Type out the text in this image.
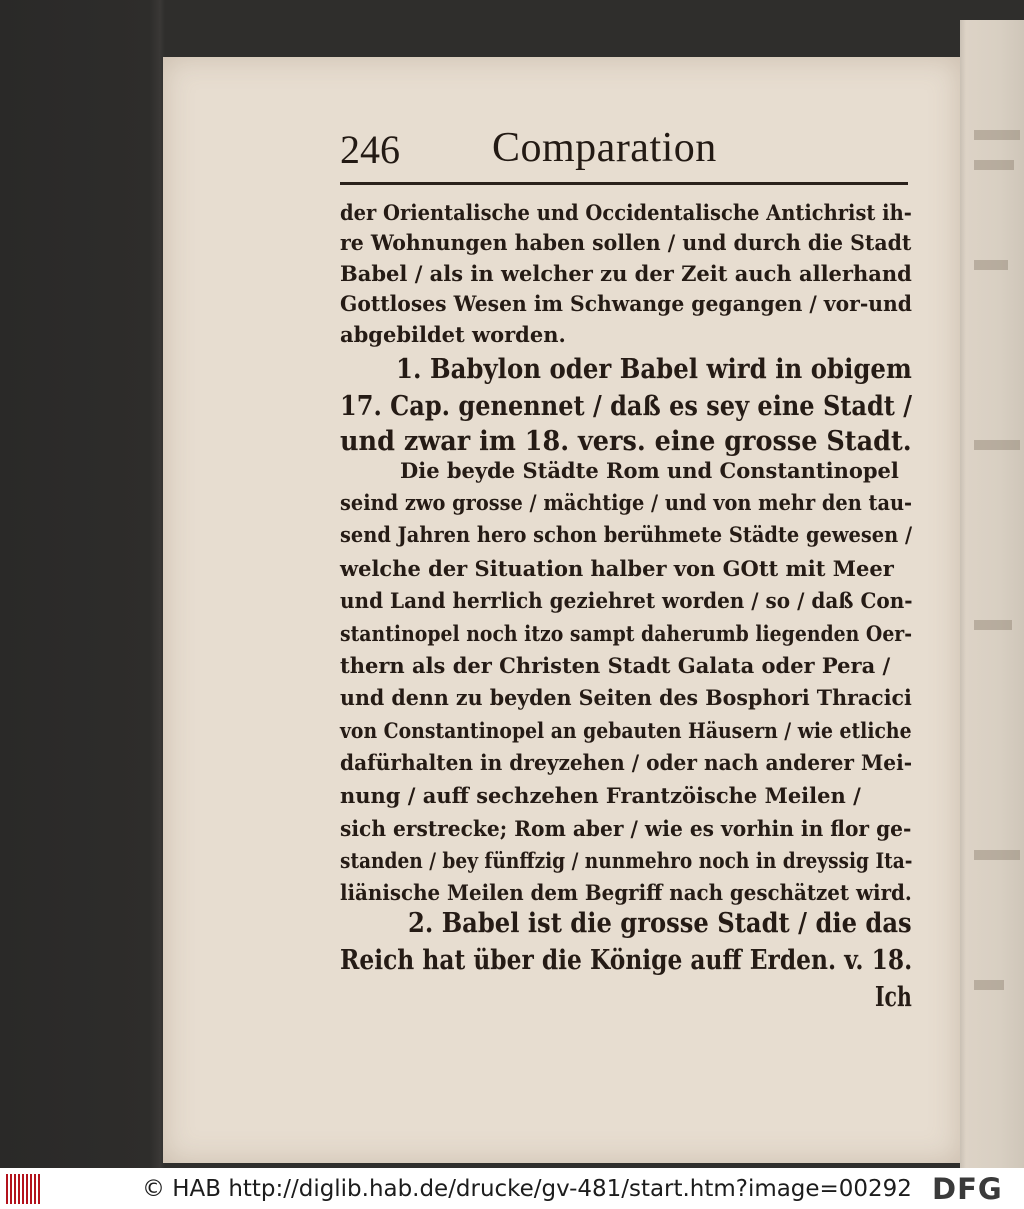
246 Comparation
der Orientalische und Occidentalische Antichrist ih-
re Wohnungen haben sollen / und durch die Stadt
Babel / als in welcher zu der Zeit auch allerhand
Gottloses Wesen im Schwange gegangen / vor-und
abgebildet worden.
1. Babylon oder Babel wird in obigem
17. Cap. genennet / daß es sey eine Stadt /
und zwar im 18. vers. eine grosse Stadt.
Die beyde Städte Rom und Constantinopel
seind zwo grosse / mächtige / und von mehr den tau-
send Jahren hero schon berühmete Städte gewesen /
welche der Situation halber von GOtt mit Meer
und Land herrlich geziehret worden / so / daß Con-
stantinopel noch itzo sampt daherumb liegenden Oer-
thern als der Christen Stadt Galata oder Pera /
und denn zu beyden Seiten des Bosphori Thracici
von Constantinopel an gebauten Häusern / wie etliche
dafürhalten in dreyzehen / oder nach anderer Mei-
nung / auff sechzehen Frantzöische Meilen /
sich erstrecke; Rom aber / wie es vorhin in flor ge-
standen / bey fünffzig / nunmehro noch in dreyssig Ita-
liänische Meilen dem Begriff nach geschätzet wird.
2. Babel ist die grosse Stadt / die das
Reich hat über die Könige auff Erden. v. 18.
Ich
© HAB http://diglib.hab.de/drucke/gv-481/start.htm?image=00292 DFG
